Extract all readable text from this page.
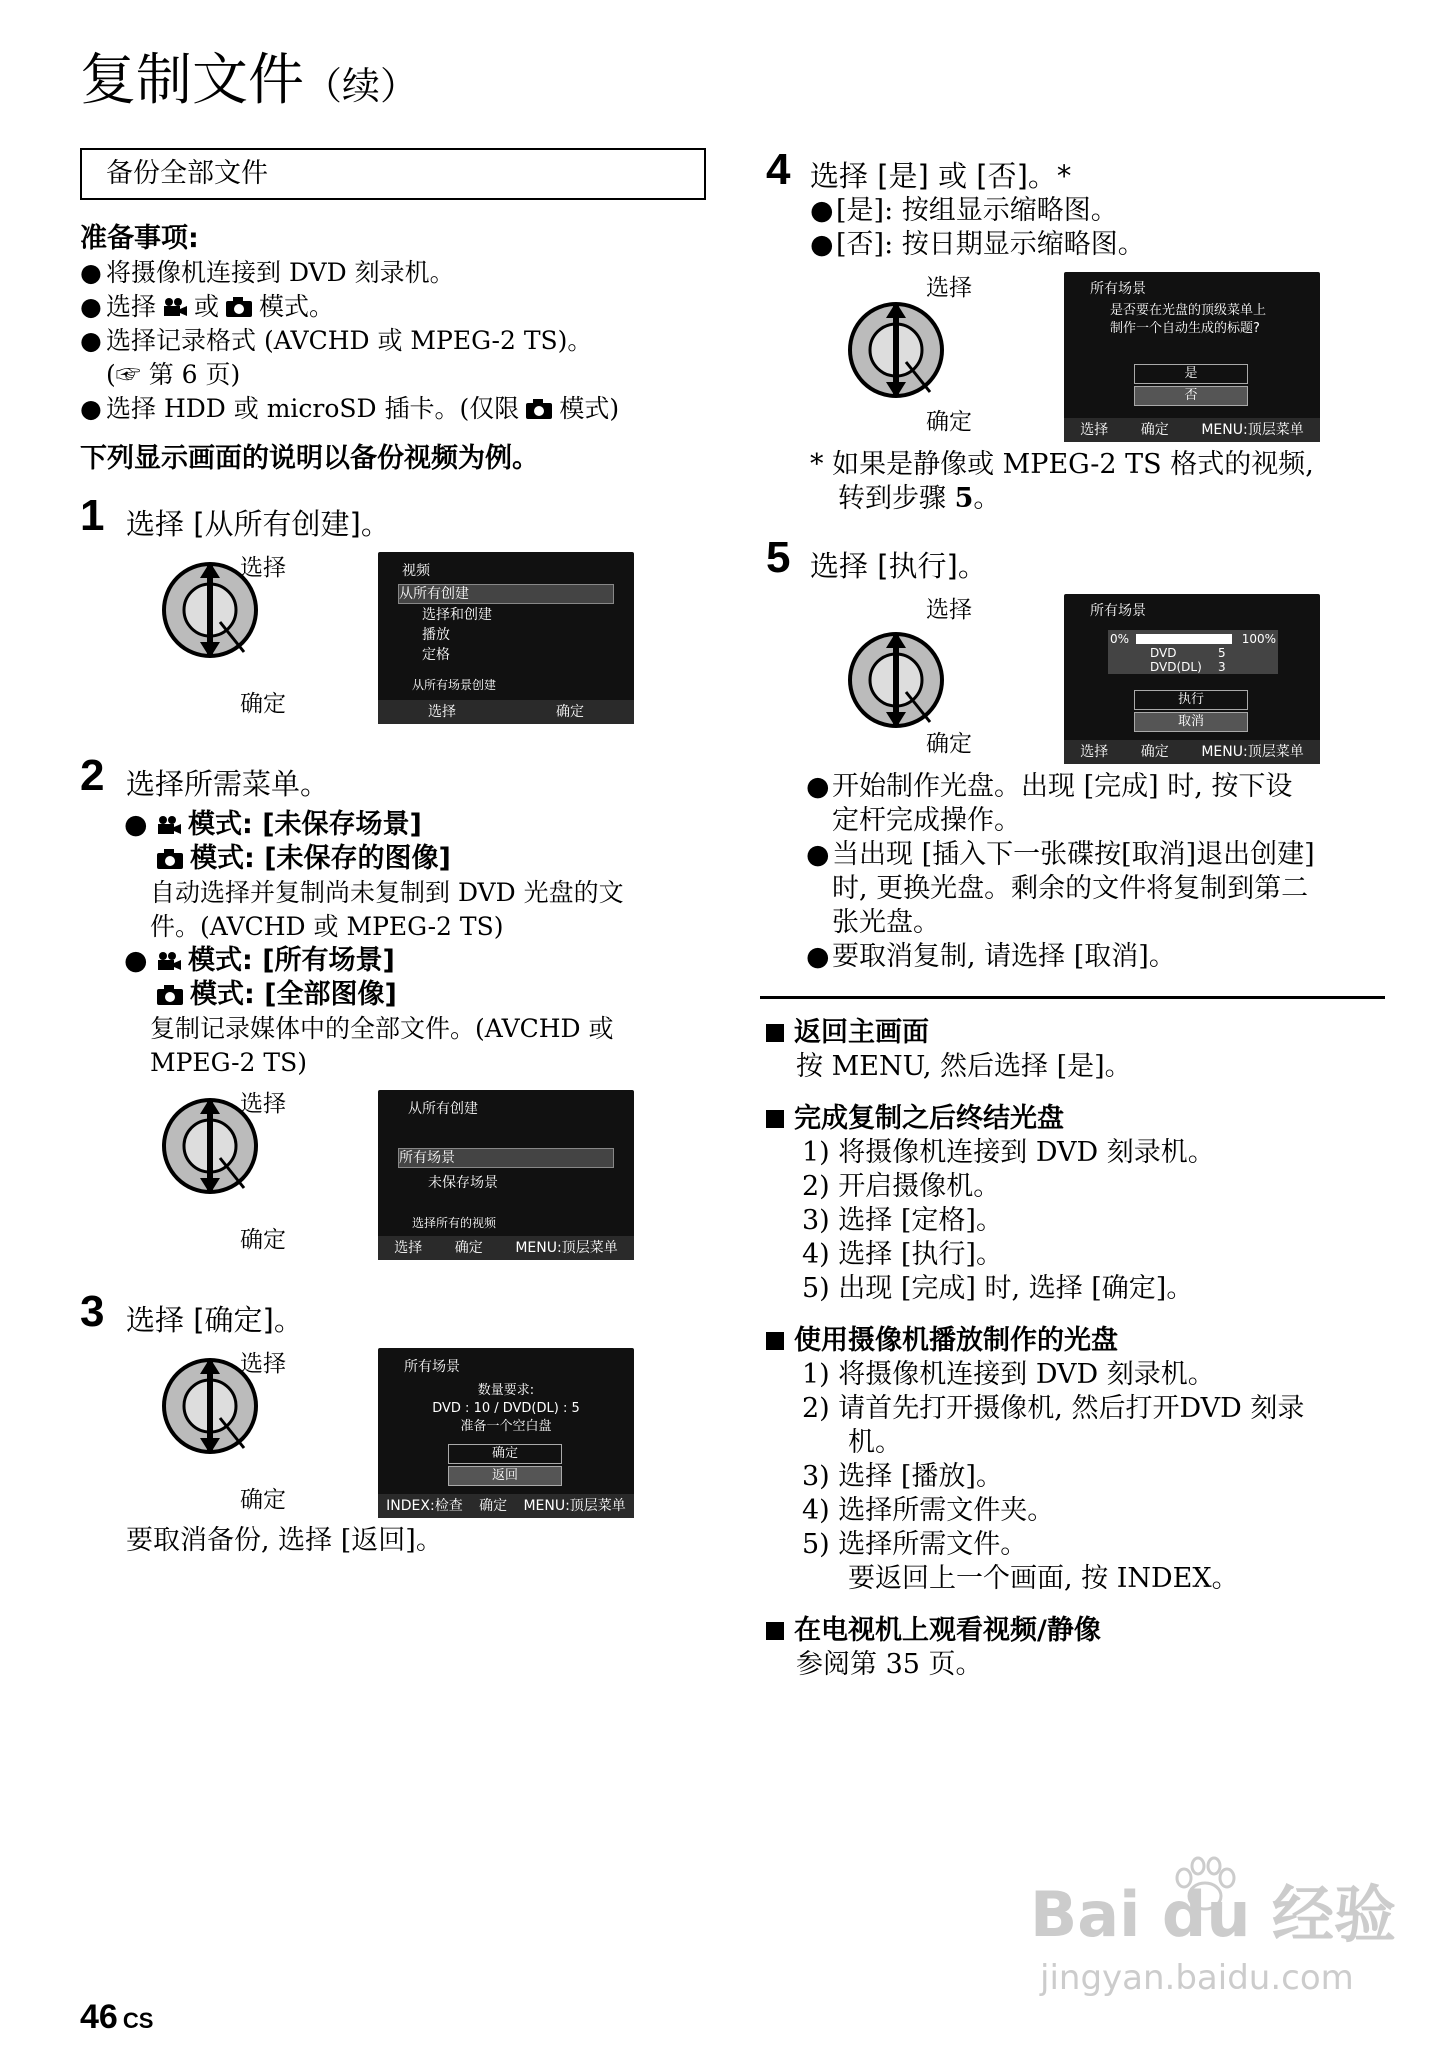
复制文件（续）
备份全部文件
准备事项:
● 将摄像机连接到 DVD 刻录机。
● 选择 或 模式。
● 选择记录格式 (AVCHD 或 MPEG-2 TS)。
(☞ 第 6 页)
● 选择 HDD 或 microSD 插卡。(仅限 模式)
下列显示画面的说明以备份视频为例。
1 选择 [从所有创建]。
选择
确定
视频
从所有创建
选择和创建
播放
定格
从所有场景创建
选择	确定
2 选择所需菜单。
● 模式: [未保存场景]
模式: [未保存的图像]
自动选择并复制尚未复制到 DVD 光盘的文
件。(AVCHD 或 MPEG-2 TS)
● 模式: [所有场景]
模式: [全部图像]
复制记录媒体中的全部文件。(AVCHD 或
MPEG-2 TS)
选择
确定
从所有创建
所有场景
未保存场景
选择所有的视频
选择 确定 MENU:顶层菜单
3 选择 [确定]。
选择
确定
所有场景
数量要求:
DVD : 10 / DVD(DL) : 5
准备一个空白盘
确定
返回
INDEX:检查 确定 MENU:顶层菜单
要取消备份, 选择 [返回]。
4 选择 [是] 或 [否]。*
●[是]: 按组显示缩略图。
●[否]: 按日期显示缩略图。
选择
确定
所有场景
是否要在光盘的顶级菜单上
制作一个自动生成的标题?
是
否
选择 确定 MENU:顶层菜单
* 如果是静像或 MPEG-2 TS 格式的视频,
转到步骤 5。
5 选择 [执行]。
选择
确定
所有场景
0%	100%
DVD	5
DVD(DL) 3
执行
取消
选择 确定 MENU:顶层菜单
●开始制作光盘。出现 [完成] 时, 按下设
定杆完成操作。
●当出现 [插入下一张碟按[取消]退出创建]
时, 更换光盘。剩余的文件将复制到第二
张光盘。
●要取消复制, 请选择 [取消]。
返回主画面
按 MENU, 然后选择 [是]。
完成复制之后终结光盘
1) 将摄像机连接到 DVD 刻录机。
2) 开启摄像机。
3) 选择 [定格]。
4) 选择 [执行]。
5) 出现 [完成] 时, 选择 [确定]。
使用摄像机播放制作的光盘
1) 将摄像机连接到 DVD 刻录机。
2) 请首先打开摄像机, 然后打开DVD 刻录
机。
3) 选择 [播放]。
4) 选择所需文件夹。
5) 选择所需文件。
要返回上一个画面, 按 INDEX。
在电视机上观看视频/静像
参阅第 35 页。
Bai du 经验
jingyan.baidu.com
46 CS
